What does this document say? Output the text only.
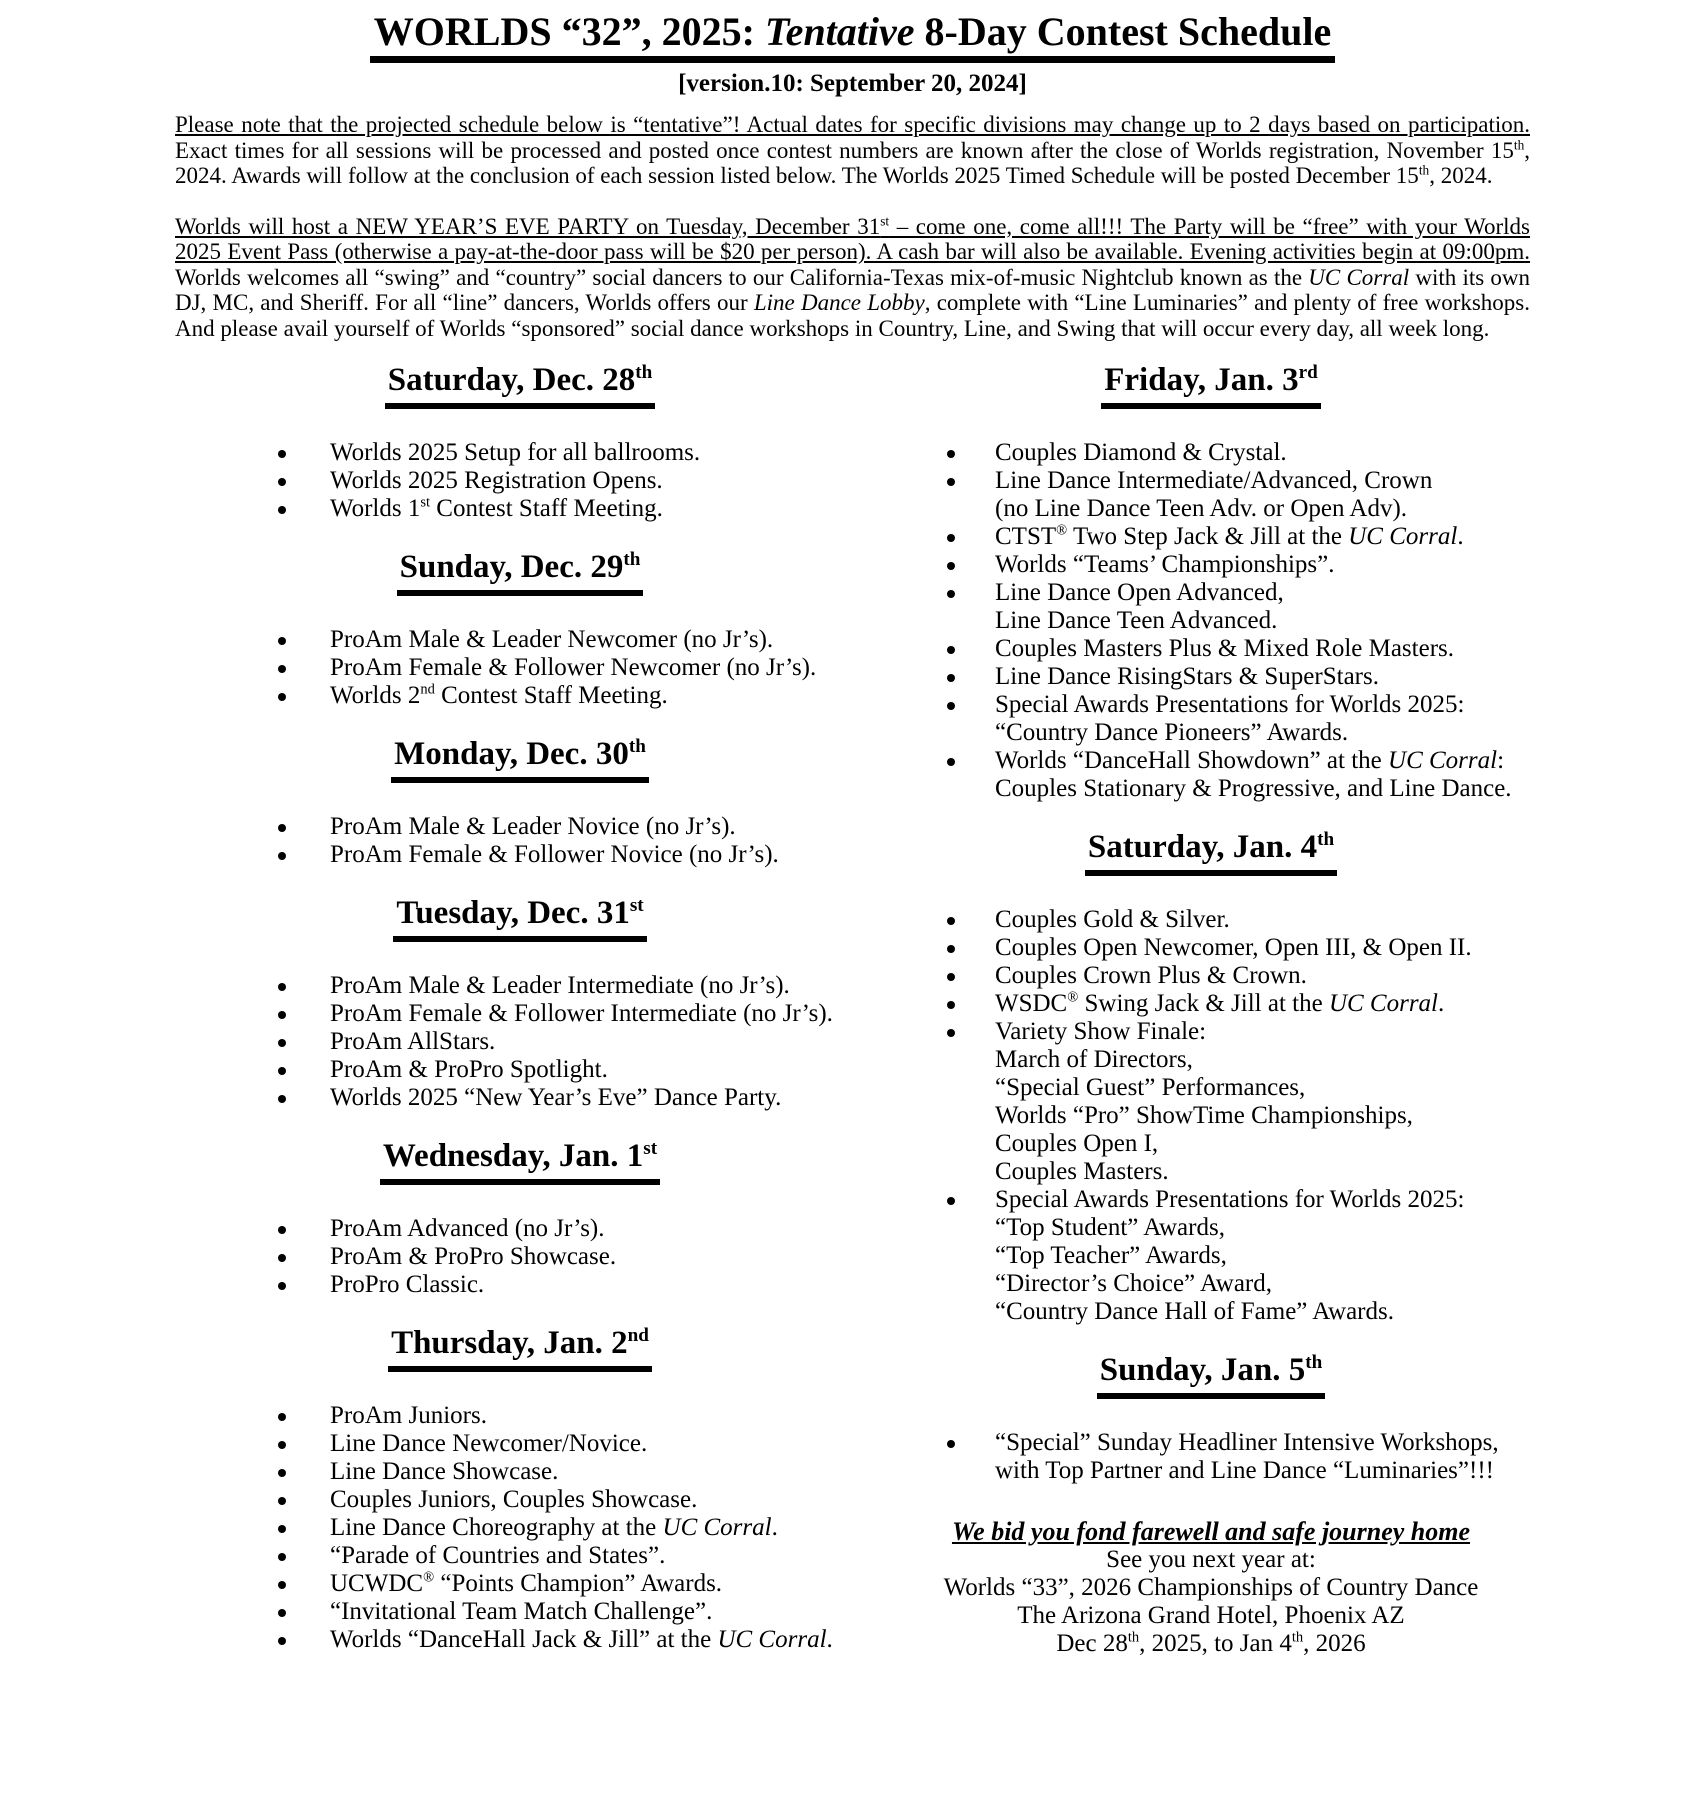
WORLDS “32”, 2025: Tentative 8-Day Contest Schedule
[version.10: September 20, 2024]
Please note that the projected schedule below is “tentative”! Actual dates for specific divisions may change up to 2 days based on participation. Exact times for all sessions will be processed and posted once contest numbers are known after the close of Worlds registration, November 15th, 2024. Awards will follow at the conclusion of each session listed below. The Worlds 2025 Timed Schedule will be posted December 15th, 2024.
Worlds will host a NEW YEAR’S EVE PARTY on Tuesday, December 31st – come one, come all!!! The Party will be “free” with your Worlds 2025 Event Pass (otherwise a pay-at-the-door pass will be $20 per person). A cash bar will also be available. Evening activities begin at 09:00pm. Worlds welcomes all “swing” and “country” social dancers to our California-Texas mix-of-music Nightclub known as the UC Corral with its own DJ, MC, and Sheriff. For all “line” dancers, Worlds offers our Line Dance Lobby, complete with “Line Luminaries” and plenty of free workshops. And please avail yourself of Worlds “sponsored” social dance workshops in Country, Line, and Swing that will occur every day, all week long.
Saturday, Dec. 28th
Worlds 2025 Setup for all ballrooms.
Worlds 2025 Registration Opens.
Worlds 1st Contest Staff Meeting.
Sunday, Dec. 29th
ProAm Male & Leader Newcomer (no Jr’s).
ProAm Female & Follower Newcomer (no Jr’s).
Worlds 2nd Contest Staff Meeting.
Monday, Dec. 30th
ProAm Male & Leader Novice (no Jr’s).
ProAm Female & Follower Novice (no Jr’s).
Tuesday, Dec. 31st
ProAm Male & Leader Intermediate (no Jr’s).
ProAm Female & Follower Intermediate (no Jr’s).
ProAm AllStars.
ProAm & ProPro Spotlight.
Worlds 2025 “New Year’s Eve” Dance Party.
Wednesday, Jan. 1st
ProAm Advanced (no Jr’s).
ProAm & ProPro Showcase.
ProPro Classic.
Thursday, Jan. 2nd
ProAm Juniors.
Line Dance Newcomer/Novice.
Line Dance Showcase.
Couples Juniors, Couples Showcase.
Line Dance Choreography at the UC Corral.
“Parade of Countries and States”.
UCWDC® “Points Champion” Awards.
“Invitational Team Match Challenge”.
Worlds “DanceHall Jack & Jill” at the UC Corral.
Friday, Jan. 3rd
Couples Diamond & Crystal.
Line Dance Intermediate/Advanced, Crown
(no Line Dance Teen Adv. or Open Adv).
CTST® Two Step Jack & Jill at the UC Corral.
Worlds “Teams’ Championships”.
Line Dance Open Advanced,
Line Dance Teen Advanced.
Couples Masters Plus & Mixed Role Masters.
Line Dance RisingStars & SuperStars.
Special Awards Presentations for Worlds 2025:
“Country Dance Pioneers” Awards.
Worlds “DanceHall Showdown” at the UC Corral:
Couples Stationary & Progressive, and Line Dance.
Saturday, Jan. 4th
Couples Gold & Silver.
Couples Open Newcomer, Open III, & Open II.
Couples Crown Plus & Crown.
WSDC® Swing Jack & Jill at the UC Corral.
Variety Show Finale:
March of Directors,
“Special Guest” Performances,
Worlds “Pro” ShowTime Championships,
Couples Open I,
Couples Masters.
Special Awards Presentations for Worlds 2025:
“Top Student” Awards,
“Top Teacher” Awards,
“Director’s Choice” Award,
“Country Dance Hall of Fame” Awards.
Sunday, Jan. 5th
“Special” Sunday Headliner Intensive Workshops,
with Top Partner and Line Dance “Luminaries”!!!
We bid you fond farewell and safe journey home
See you next year at:
Worlds “33”, 2026 Championships of Country Dance
The Arizona Grand Hotel, Phoenix AZ
Dec 28th, 2025, to Jan 4th, 2026
